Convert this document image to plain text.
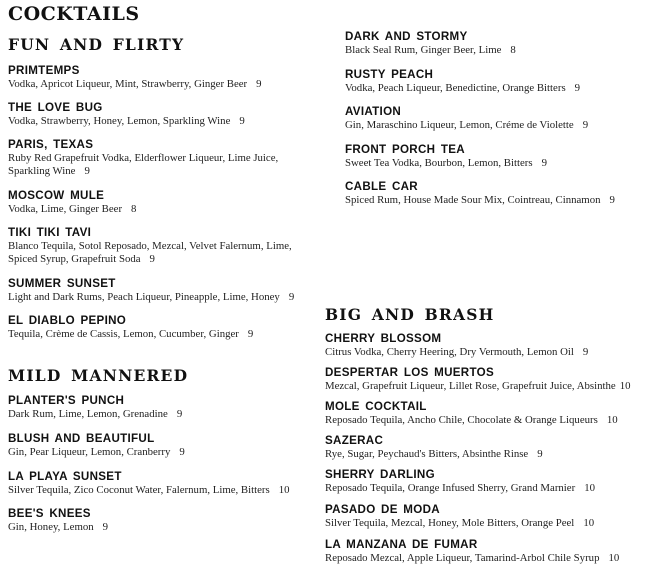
COCKTAILS
FUN AND FLIRTY
PRIMTEMPS
Vodka, Apricot Liqueur, Mint, Strawberry, Ginger Beer 9
THE LOVE BUG
Vodka, Strawberry, Honey, Lemon, Sparkling Wine 9
PARIS, TEXAS
Ruby Red Grapefruit Vodka, Elderflower Liqueur, Lime Juice,
Sparkling Wine 9
MOSCOW MULE
Vodka, Lime, Ginger Beer 8
TIKI TIKI TAVI
Blanco Tequila, Sotol Reposado, Mezcal, Velvet Falernum, Lime,
Spiced Syrup, Grapefruit Soda 9
SUMMER SUNSET
Light and Dark Rums, Peach Liqueur, Pineapple, Lime, Honey 9
EL DIABLO PEPINO
Tequila, Crème de Cassis, Lemon, Cucumber, Ginger 9
DARK AND STORMY
Black Seal Rum, Ginger Beer, Lime 8
RUSTY PEACH
Vodka, Peach Liqueur, Benedictine, Orange Bitters 9
AVIATION
Gin, Maraschino Liqueur, Lemon, Créme de Violette 9
FRONT PORCH TEA
Sweet Tea Vodka, Bourbon, Lemon, Bitters 9
CABLE CAR
Spiced Rum, House Made Sour Mix, Cointreau, Cinnamon 9
MILD MANNERED
PLANTER'S PUNCH
Dark Rum, Lime, Lemon, Grenadine 9
BLUSH AND BEAUTIFUL
Gin, Pear Liqueur, Lemon, Cranberry 9
LA PLAYA SUNSET
Silver Tequila, Zico Coconut Water, Falernum, Lime, Bitters 10
BEE'S KNEES
Gin, Honey, Lemon 9
BIG AND BRASH
CHERRY BLOSSOM
Citrus Vodka, Cherry Heering, Dry Vermouth, Lemon Oil 9
DESPERTAR LOS MUERTOS
Mezcal, Grapefruit Liqueur, Lillet Rose, Grapefruit Juice, Absinthe 10
MOLE COCKTAIL
Reposado Tequila, Ancho Chile, Chocolate & Orange Liqueurs 10
SAZERAC
Rye, Sugar, Peychaud's Bitters, Absinthe Rinse 9
SHERRY DARLING
Reposado Tequila, Orange Infused Sherry, Grand Marnier 10
PASADO DE MODA
Silver Tequila, Mezcal, Honey, Mole Bitters, Orange Peel 10
LA MANZANA DE FUMAR
Reposado Mezcal, Apple Liqueur, Tamarind-Arbol Chile Syrup 10
